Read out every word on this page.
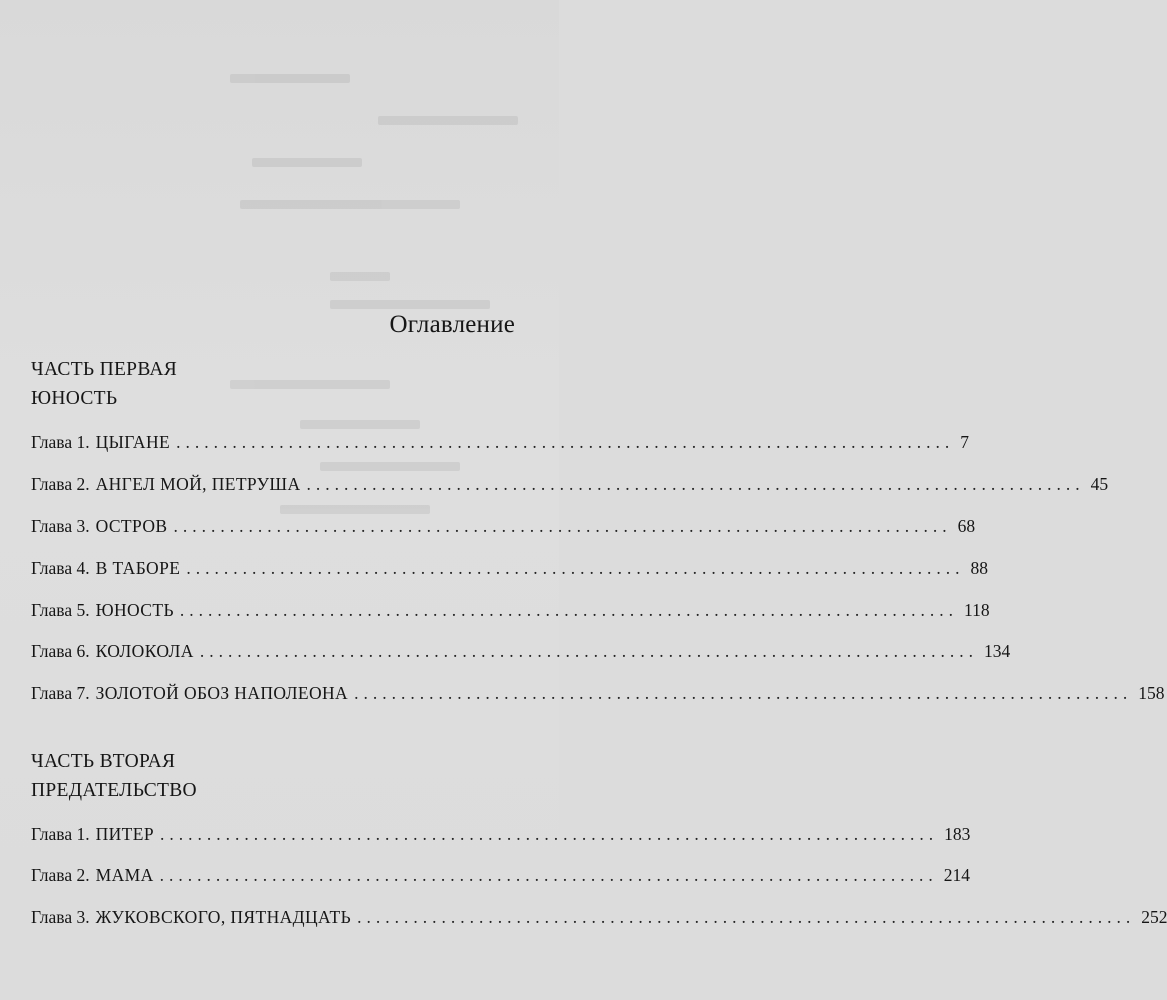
Оглавление
ЧАСТЬ ПЕРВАЯ
ЮНОСТЬ
Глава 1. ЦЫГАНЕ ................................................................................... 7
Глава 2. АНГЕЛ МОЙ, ПЕТРУША ................................................................................... 45
Глава 3. ОСТРОВ ................................................................................... 68
Глава 4. В ТАБОРЕ ................................................................................... 88
Глава 5. ЮНОСТЬ ................................................................................... 118
Глава 6. КОЛОКОЛА ................................................................................... 134
Глава 7. ЗОЛОТОЙ ОБОЗ НАПОЛЕОНА ................................................................................... 158
ЧАСТЬ ВТОРАЯ
ПРЕДАТЕЛЬСТВО
Глава 1. ПИТЕР ................................................................................... 183
Глава 2. МАМА ................................................................................... 214
Глава 3. ЖУКОВСКОГО, ПЯТНАДЦАТЬ ................................................................................... 252
